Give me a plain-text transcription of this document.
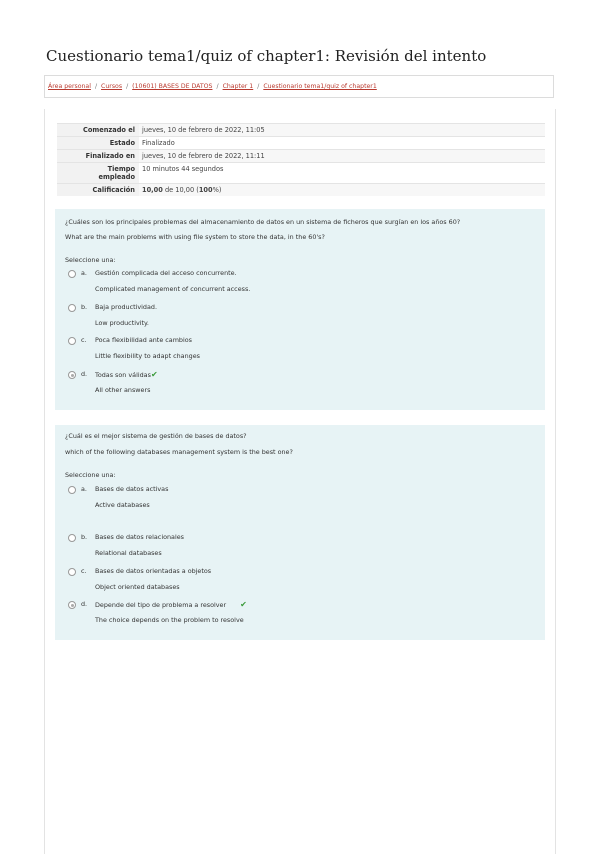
Cuestionario tema1/quiz of chapter1: Revisión del intento
Área personal / Cursos / (10601) BASES DE DATOS / Chapter 1 / Cuestionario tema1/quiz of chapter1
Comenzado el	jueves, 10 de febrero de 2022, 11:05
Estado	Finalizado
Finalizado en	jueves, 10 de febrero de 2022, 11:11
Tiempo
empleado	10 minutos 44 segundos
Calificación	10,00 de 10,00 (100%)
¿Cuáles son los principales problemas del almacenamiento de datos en un sistema de ficheros que surgían en los años 60?
What are the main problems with using file system to store the data, in the 60's?
Seleccione una:
a. Gestión complicada del acceso concurrente.
Complicated management of concurrent access.
b. Baja productividad.
Low productivity.
c. Poca flexibilidad ante cambios
Little flexibility to adapt changes
d. Todas son válidas✔
All other answers
¿Cuál es el mejor sistema de gestión de bases de datos?
which of the following databases management system is the best one?
Seleccione una:
a. Bases de datos activas
Active databases
b. Bases de datos relacionales
Relational databases
c. Bases de datos orientadas a objetos
Object oriented databases
d. Depende del tipo de problema a resolver ✔
The choice depends on the problem to resolve
